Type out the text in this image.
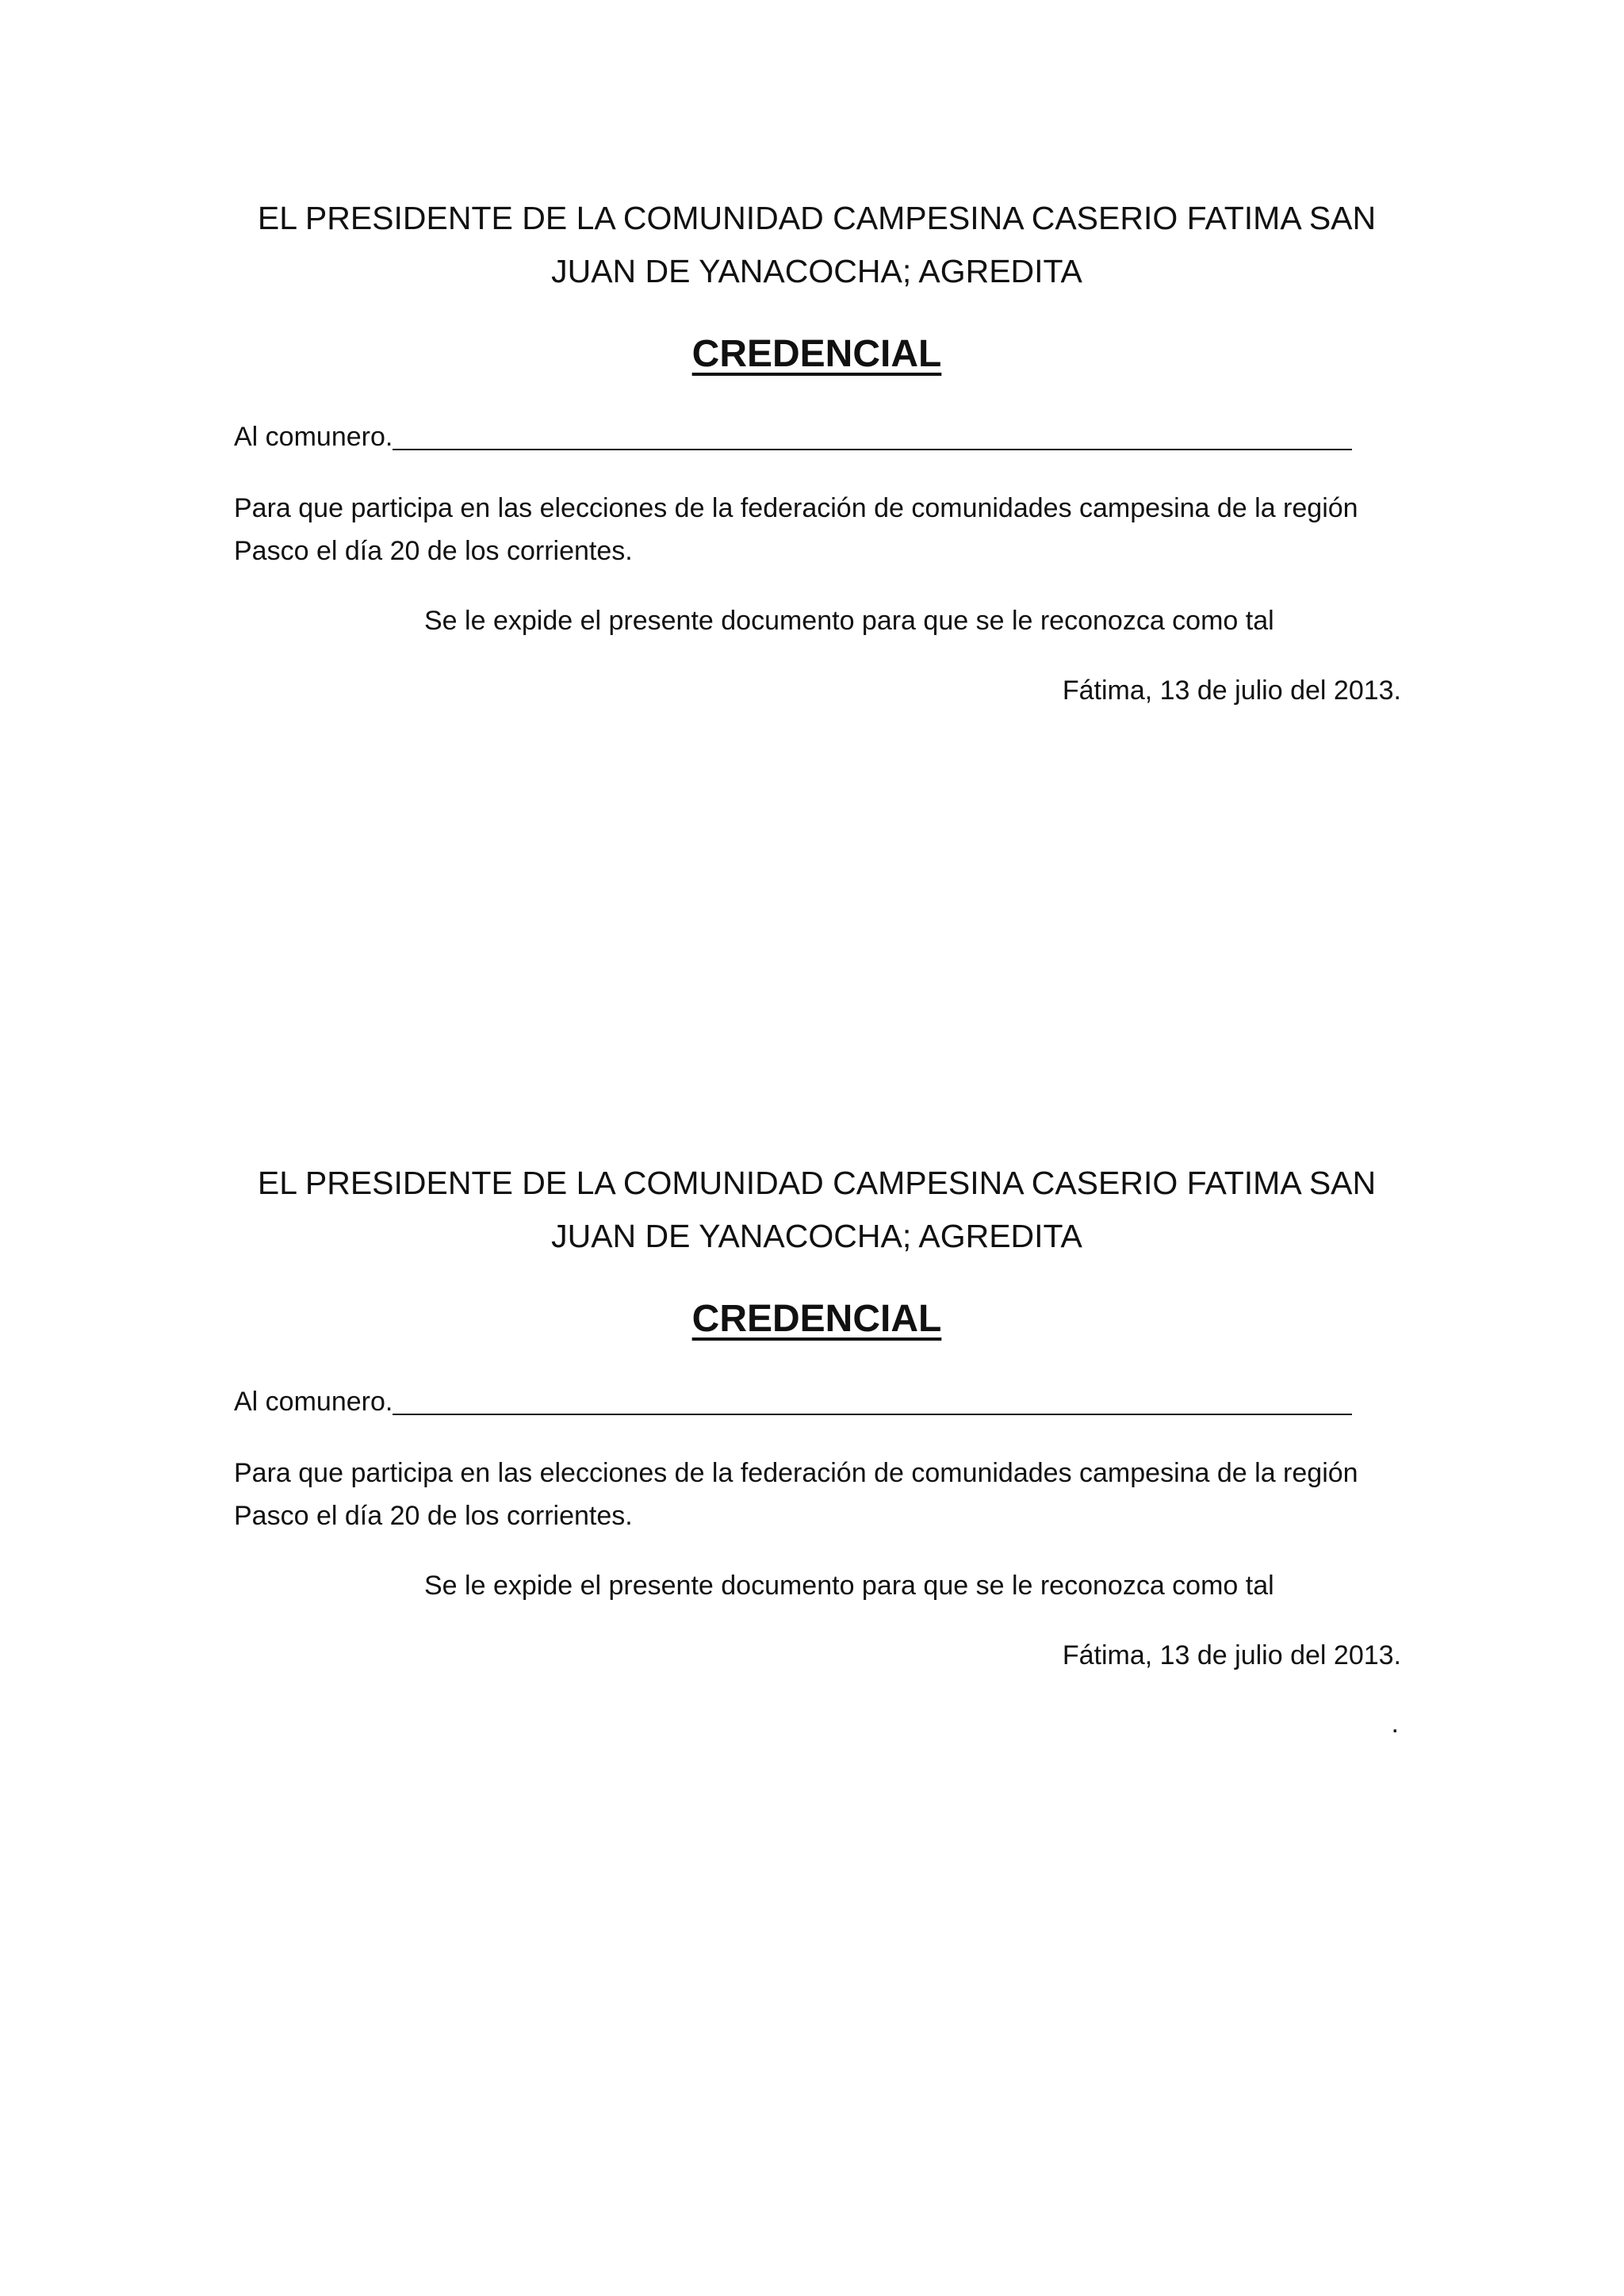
EL PRESIDENTE DE LA COMUNIDAD CAMPESINA CASERIO FATIMA SAN

JUAN DE YANACOCHA; AGREDITA

CREDENCIAL
Al comunero.

Para que participa en las elecciones de la federación de comunidades campesina de la región

Pasco el día 20 de los corrientes.

Se le expide el presente documento para que se le reconozca como tal

Fátima, 13 de julio del 2013.

EL PRESIDENTE DE LA COMUNIDAD CAMPESINA CASERIO FATIMA SAN

JUAN DE YANACOCHA; AGREDITA

CREDENCIAL
Al comunero.

Para que participa en las elecciones de la federación de comunidades campesina de la región

Pasco el día 20 de los corrientes.

Se le expide el presente documento para que se le reconozca como tal

Fátima, 13 de julio del 2013.

.
